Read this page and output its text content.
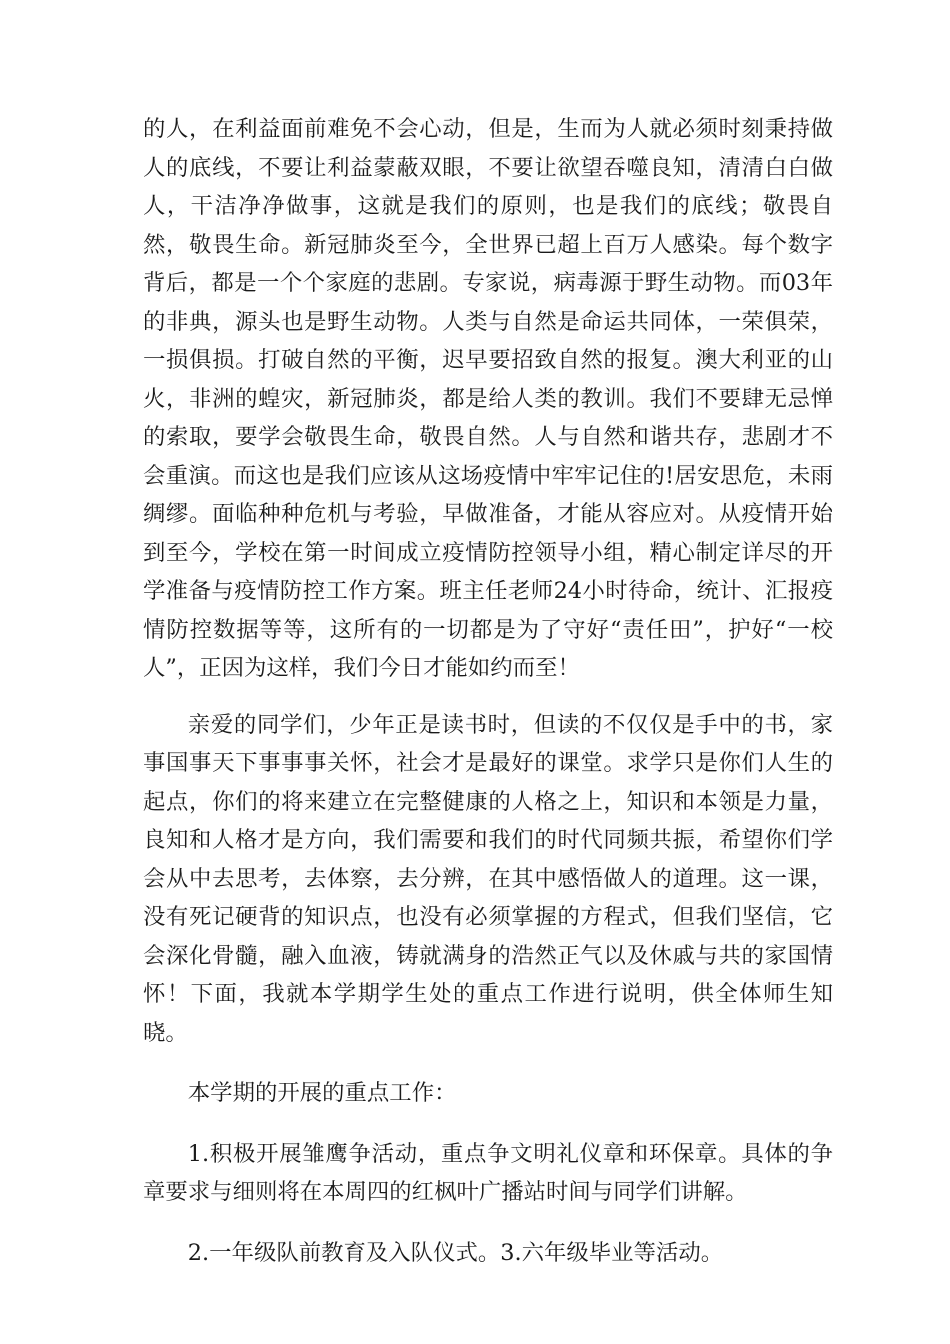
的人，在利益面前难免不会心动，但是，生而为人就必须时刻秉持做人的底线，不要让利益蒙蔽双眼，不要让欲望吞噬良知，清清白白做人，干洁净净做事，这就是我们的原则，也是我们的底线；敬畏自然，敬畏生命。新冠肺炎至今，全世界已超上百万人感染。每个数字背后，都是一个个家庭的悲剧。专家说，病毒源于野生动物。而03年的非典，源头也是野生动物。人类与自然是命运共同体，一荣俱荣，一损俱损。打破自然的平衡，迟早要招致自然的报复。澳大利亚的山火，非洲的蝗灾，新冠肺炎，都是给人类的教训。我们不要肆无忌惮的索取，要学会敬畏生命，敬畏自然。人与自然和谐共存，悲剧才不会重演。而这也是我们应该从这场疫情中牢牢记住的!居安思危，未雨绸缪。面临种种危机与考验，早做准备，才能从容应对。从疫情开始到至今，学校在第一时间成立疫情防控领导小组，精心制定详尽的开学准备与疫情防控工作方案。班主任老师24小时待命，统计、汇报疫情防控数据等等，这所有的一切都是为了守好“责任田”，护好“一校人”，正因为这样，我们今日才能如约而至！

亲爱的同学们，少年正是读书时，但读的不仅仅是手中的书，家事国事天下事事事关怀，社会才是最好的课堂。求学只是你们人生的起点，你们的将来建立在完整健康的人格之上，知识和本领是力量，良知和人格才是方向，我们需要和我们的时代同频共振，希望你们学会从中去思考，去体察，去分辨，在其中感悟做人的道理。这一课，没有死记硬背的知识点，也没有必须掌握的方程式，但我们坚信，它会深化骨髓，融入血液，铸就满身的浩然正气以及休戚与共的家国情怀！下面，我就本学期学生处的重点工作进行说明，供全体师生知晓。

本学期的开展的重点工作：

1.积极开展雏鹰争活动，重点争文明礼仪章和环保章。具体的争章要求与细则将在本周四的红枫叶广播站时间与同学们讲解。

2.一年级队前教育及入队仪式。3.六年级毕业等活动。
